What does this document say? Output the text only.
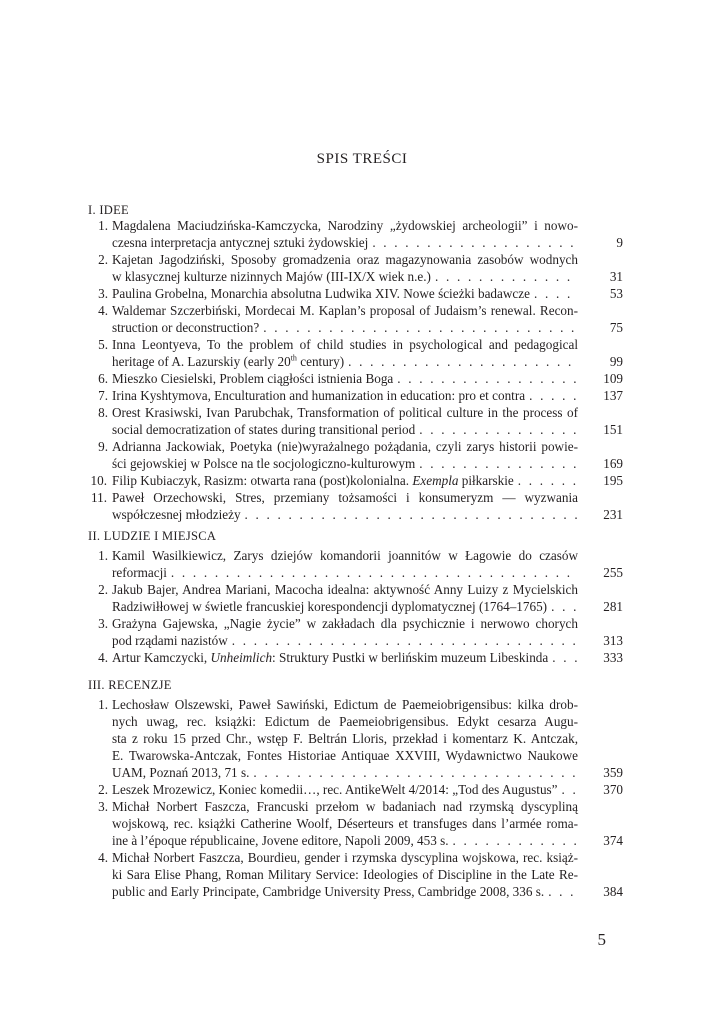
SPIS TREŚCI
I. IDEE
1. Magdalena Maciudzińska-Kamczycka, Narodziny „żydowskiej archeologii” i nowo-
czesna interpretacja antycznej sztuki żydowskiej . . .	9
2. Kajetan Jagodziński, Sposoby gromadzenia oraz magazynowania zasobów wodnych
w klasycznej kulturze nizinnych Majów (III-IX/X wiek n.e.) . . .	31
3. Paulina Grobelna, Monarchia absolutna Ludwika XIV. Nowe ścieżki badawcze . . .	53
4. Waldemar Szczerbiński, Mordecai M. Kaplan’s proposal of Judaism’s renewal. Recon-
struction or deconstruction? . . .	75
5. Inna Leontyeva, To the problem of child studies in psychological and pedagogical
heritage of A. Lazurskiy (early 20th century) . . .	99
6. Mieszko Ciesielski, Problem ciągłości istnienia Boga . . .	109
7. Irina Kyshtymova, Enculturation and humanization in education: pro et contra . . .	137
8. Orest Krasiwski, Ivan Parubchak, Transformation of political culture in the process of
social democratization of states during transitional period . . .	151
9. Adrianna Jackowiak, Poetyka (nie)wyrażalnego pożądania, czyli zarys historii powie-
ści gejowskiej w Polsce na tle socjologiczno-kulturowym . . .	169
10. Filip Kubiaczyk, Rasizm: otwarta rana (post)kolonialna. Exempla piłkarskie . . .	195
11. Paweł Orzechowski, Stres, przemiany tożsamości i konsumeryzm — wyzwania
współczesnej młodzieży . . .	231
II. LUDZIE I MIEJSCA
1. Kamil Wasilkiewicz, Zarys dziejów komandorii joannitów w Łagowie do czasów
reformacji . . .	255
2. Jakub Bajer, Andrea Mariani, Macocha idealna: aktywność Anny Luizy z Mycielskich
Radziwiłłowej w świetle francuskiej korespondencji dyplomatycznej (1764–1765) . . .	281
3. Grażyna Gajewska, „Nagie życie” w zakładach dla psychicznie i nerwowo chorych
pod rządami nazistów . . .	313
4. Artur Kamczycki, Unheimlich: Struktury Pustki w berlińskim muzeum Libeskinda . . .	333
III. RECENZJE
1. Lechosław Olszewski, Paweł Sawiński, Edictum de Paemeiobrigensibus: kilka drob-
nych uwag, rec. książki: Edictum de Paemeiobrigensibus. Edykt cesarza Augu-
sta z roku 15 przed Chr., wstęp F. Beltrán Lloris, przekład i komentarz K. Antczak,
E. Twarowska-Antczak, Fontes Historiae Antiquae XXVIII, Wydawnictwo Naukowe
UAM, Poznań 2013, 71 s. . . .	359
2. Leszek Mrozewicz, Koniec komedii…, rec. AntikeWelt 4/2014: „Tod des Augustus” . . .	370
3. Michał Norbert Faszcza, Francuski przełom w badaniach nad rzymską dyscypliną
wojskową, rec. książki Catherine Woolf, Déserteurs et transfuges dans l’armée roma-
ine à l’époque républicaine, Jovene editore, Napoli 2009, 453 s. . . .	374
4. Michał Norbert Faszcza, Bourdieu, gender i rzymska dyscyplina wojskowa, rec. książ-
ki Sara Elise Phang, Roman Military Service: Ideologies of Discipline in the Late Re-
public and Early Principate, Cambridge University Press, Cambridge 2008, 336 s. . . .	384
5
